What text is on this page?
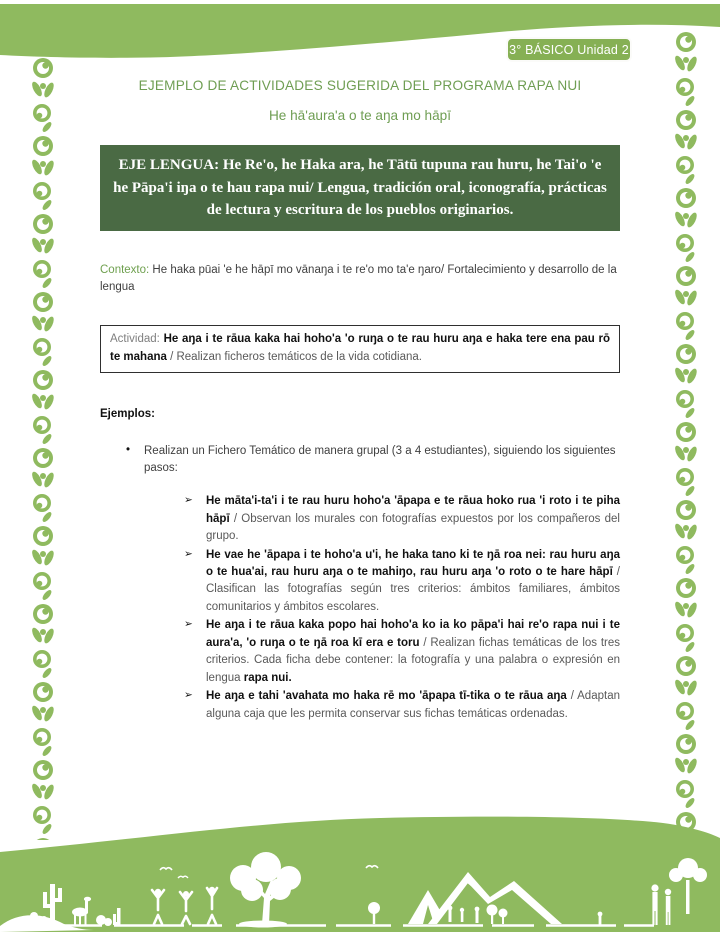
3° BÁSICO Unidad 2
EJEMPLO DE ACTIVIDADES SUGERIDA DEL PROGRAMA RAPA NUI
He hā'aura'a o te aŋa mo hāpī
EJE LENGUA: He Re'o, he Haka ara, he Tātū tupuna rau huru, he Tai'o 'e he Pāpa'i iŋa o te hau rapa nui/ Lengua, tradición oral, iconografía, prácticas de lectura y escritura de los pueblos originarios.

Contexto: He haka pūai 'e he hāpī mo vānaŋa i te re'o mo ta'e ŋaro/ Fortalecimiento y desarrollo de la lengua

Actividad: He aŋa i te rāua kaka hai hoho'a 'o ruŋa o te rau huru aŋa e haka tere ena pau rō te mahana / Realizan ficheros temáticos de la vida cotidiana.
Ejemplos:

• Realizan un Fichero Temático de manera grupal (3 a 4 estudiantes), siguiendo los siguientes pasos:

➢ He māta'i-ta'i i te rau huru hoho'a 'āpapa e te rāua hoko rua 'i roto i te piha hāpī / Observan los murales con fotografías expuestos por los compañeros del grupo.
➢ He vae he 'āpapa i te hoho'a u'i, he haka tano ki te ŋā roa nei: rau huru aŋa o te hua'ai, rau huru aŋa o te mahiŋo, rau huru aŋa 'o roto o te hare hāpī / Clasifican las fotografías según tres criterios: ámbitos familiares, ámbitos comunitarios y ámbitos escolares.
➢ He aŋa i te rāua kaka popo hai hoho'a ko ia ko pāpa'i hai re'o rapa nui i te aura'a, 'o ruŋa o te ŋā roa kī era e toru / Realizan fichas temáticas de los tres criterios. Cada ficha debe contener: la fotografía y una palabra o expresión en lengua rapa nui.
➢ He aŋa e tahi 'avahata mo haka rē mo 'āpapa tī-tika o te rāua aŋa / Adaptan alguna caja que les permita conservar sus fichas temáticas ordenadas.
